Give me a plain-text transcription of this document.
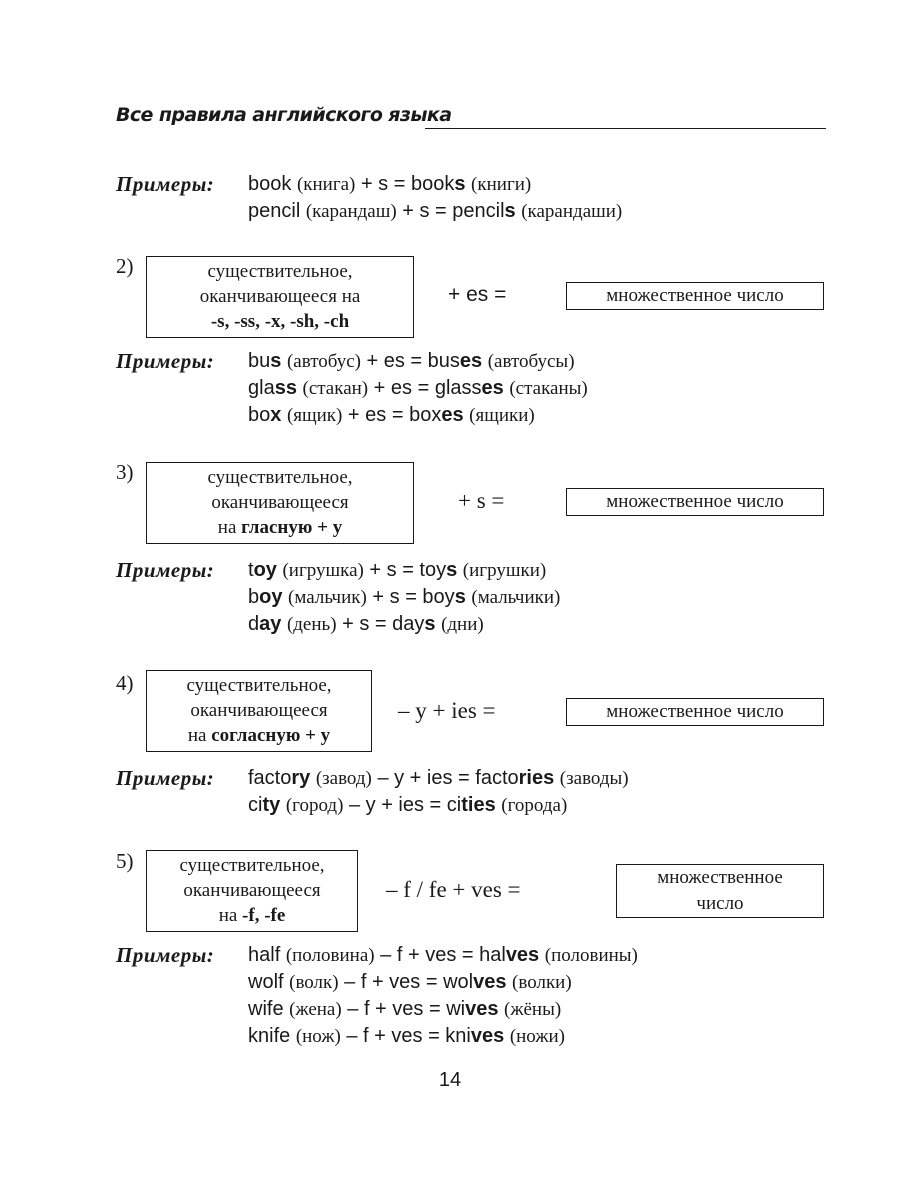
Все правила английского языка
Примеры: book (книга) + s = books (книги)
pencil (карандаш) + s = pencils (карандаши)
2)	существительное,
оканчивающееся на
-s, -ss, -x, -sh, -ch
+ es =	множественное число
Примеры: bus (автобус) + es = buses (автобусы)
glass (стакан) + es = glasses (стаканы)
box (ящик) + es = boxes (ящики)
3)	существительное,
оканчивающееся
на гласную + y
+ s =	множественное число
Примеры: toy (игрушка) + s = toys (игрушки)
boy (мальчик) + s = boys (мальчики)
day (день) + s = days (дни)
4)	существительное,
оканчивающееся
на согласную + y
– y + ies =	множественное число
Примеры: factory (завод) – y + ies = factories (заводы)
city (город) – y + ies = cities (города)
5)	существительное,
оканчивающееся
на -f, -fe
– f / fe + ves =	множественное
число
Примеры: half (половина) – f + ves = halves (половины)
wolf (волк) – f + ves = wolves (волки)
wife (жена) – f + ves = wives (жёны)
knife (нож) – f + ves = knives (ножи)
14
